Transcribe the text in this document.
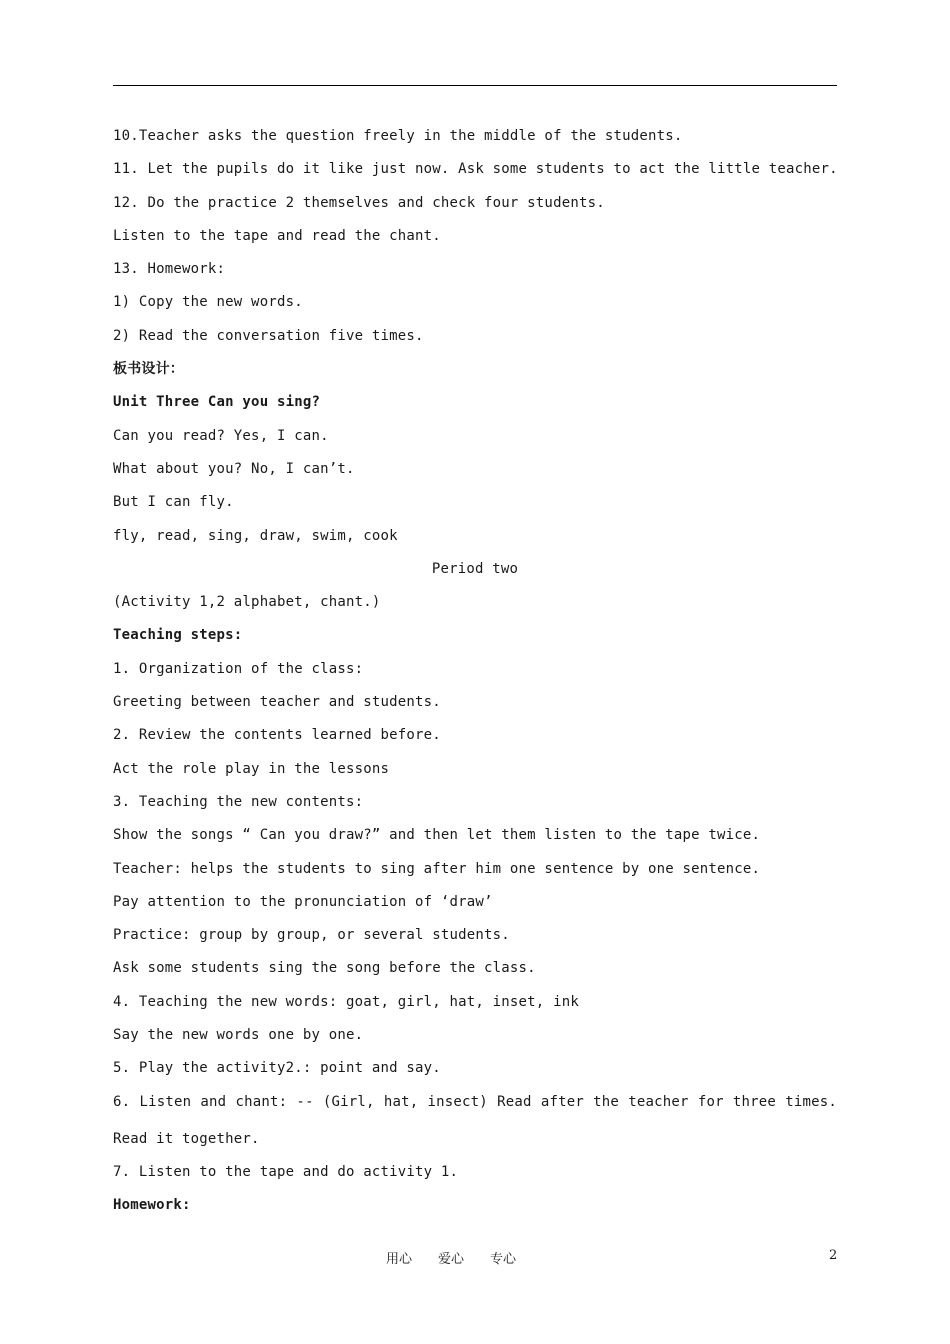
10.Teacher asks the question freely in the middle of the students.
11. Let the pupils do it like just now. Ask some students to act the little teacher.
12. Do the practice 2 themselves and check four students.
Listen to the tape and read the chant.
13. Homework:
1) Copy the new words.
2) Read the conversation five times.
板书设计：
Unit Three Can you sing?
Can you read? Yes, I can.
What about you? No, I can’t.
But I can fly.
fly, read, sing, draw, swim, cook
Period two
(Activity 1,2 alphabet, chant.)
Teaching steps:
1. Organization of the class:
Greeting between teacher and students.
2. Review the contents learned before.
Act the role play in the lessons
3. Teaching the new contents:
Show the songs “ Can you draw?” and then let them listen to the tape twice.
Teacher: helps the students to sing after him one sentence by one sentence.
Pay attention to the pronunciation of ‘draw’
Practice: group by group, or several students.
Ask some students sing the song before the class.
4. Teaching the new words: goat, girl, hat, inset, ink
Say the new words one by one.
5. Play the activity2.: point and say.
6. Listen and chant: -- (Girl, hat, insect) Read after the teacher for three times.
Read it together.
7. Listen to the tape and do activity 1.
Homework:
用心 爱心 专心	2
